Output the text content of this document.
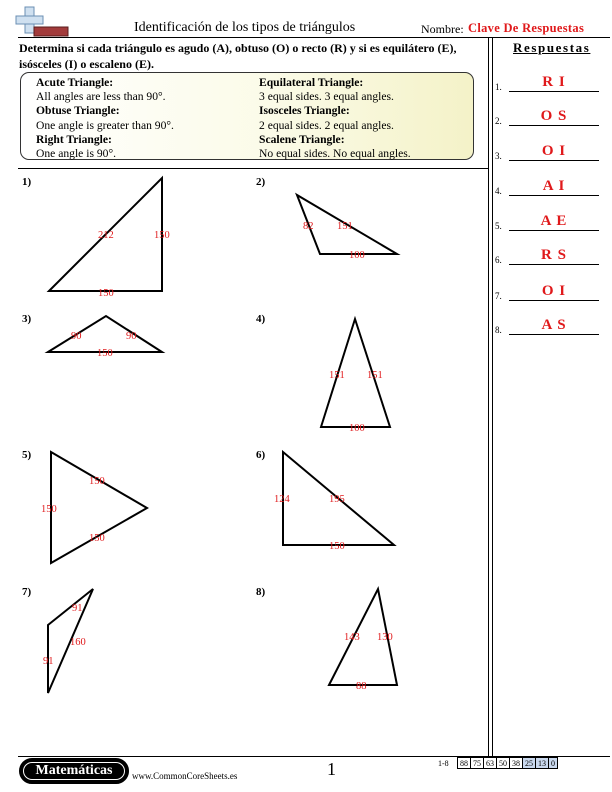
Identificación de los tipos de triángulos	Nombre: Clave De Respuestas
Determina si cada triángulo es agudo (A), obtuso (O) o recto (R) y si es equilátero (E), isósceles (I) o escaleno (E).
Acute Triangle:
All angles are less than 90°.
Obtuse Triangle:
One angle is greater than 90°.
Right Triangle:
One angle is 90°.
Equilateral Triangle:
3 equal sides. 3 equal angles.
Isosceles Triangle:
2 equal sides. 2 equal angles.
Scalene Triangle:
No equal sides. No equal angles.
Respuestas
1.	R I
2.	O S
3.	O I
4.	A I
5.	A E
6.	R S
7.	O I
8.	A S
1)	2)
3)	4)
5)	6)
7)	8)
212	150
150
82 151
100
90	90
150
151 151
100
150
150
150
124	195
150
91
160
91
143 130
88
Matemáticas	www.CommonCoreSheets.es	1	1-8 88	75	63	50	38	25	13	0
